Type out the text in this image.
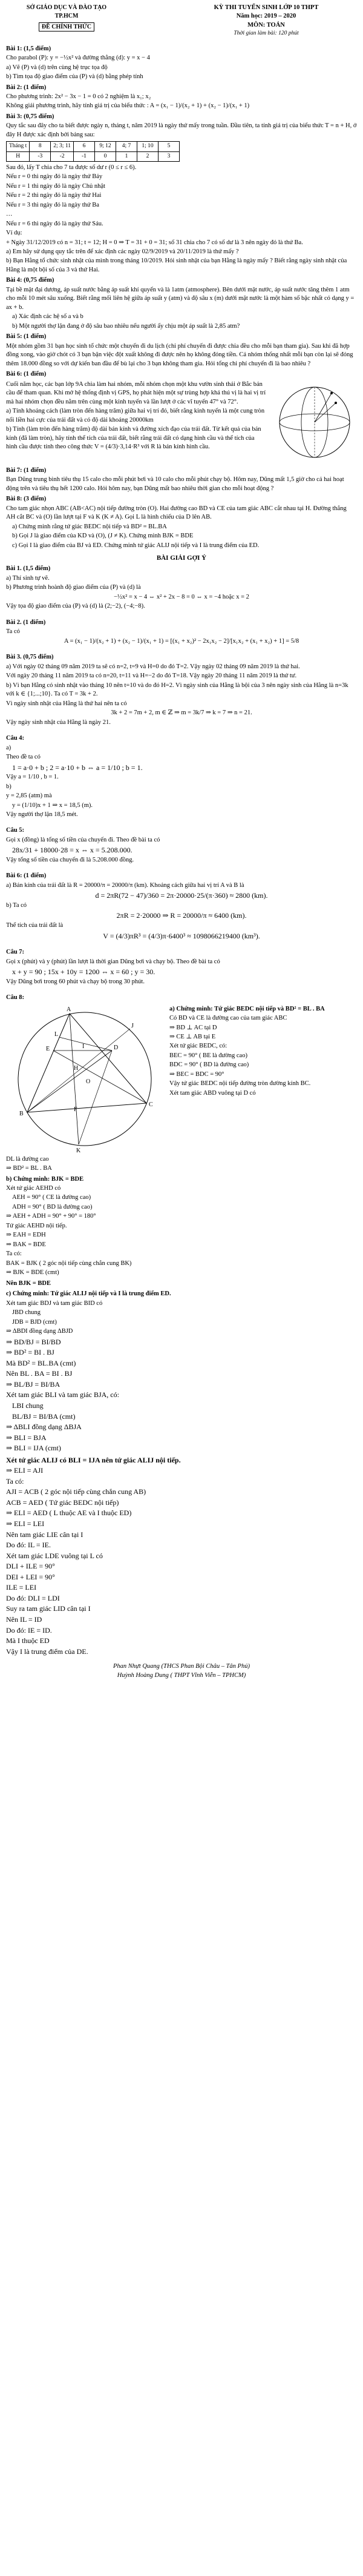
SỞ GIÁO DỤC VÀ ĐÀO TẠO
TP.HCM
ĐỀ CHÍNH THỨC
KỲ THI TUYỂN SINH LỚP 10 THPT
Năm học: 2019 – 2020
MÔN: TOÁN
Thời gian làm bài: 120 phút

Bài 1: (1,5 điểm)

Cho parabol (P): y = −½x² và đường thẳng (d): y = x − 4

a) Vẽ (P) và (d) trên cùng hệ trục tọa độ

b) Tìm tọa độ giao điểm của (P) và (d) bằng phép tính

Bài 2: (1 điểm)

Cho phương trình: 2x² − 3x − 1 = 0 có 2 nghiệm là x₁; x₂

Không giải phương trình, hãy tính giá trị của biểu thức : A = (x₁ − 1)/(x₂ + 1) + (x₂ − 1)/(x₁ + 1)

Bài 3: (0,75 điểm)

Quy tắc sau đây cho ta biết được ngày n, tháng t, năm 2019 là ngày thứ mấy trong tuần. Đầu tiên, ta tính giá trị của biểu thức T = n + H, ở đây H được xác định bởi bảng sau:

Tháng t	8	2; 3; 11	6	9; 12	4; 7	1; 10	5
H	-3	-2	-1	0	1	2	3

Sau đó, lấy T chia cho 7 ta được số dư r (0 ≤ r ≤ 6).

Nếu r = 0 thì ngày đó là ngày thứ Bảy

Nếu r = 1 thì ngày đó là ngày Chủ nhật

Nếu r = 2 thì ngày đó là ngày thứ Hai

Nếu r = 3 thì ngày đó là ngày thứ Ba

…

Nếu r = 6 thì ngày đó là ngày thứ Sáu.

Ví dụ:

+ Ngày 31/12/2019 có n = 31; t = 12; H = 0 ⇒ T = 31 + 0 = 31; số 31 chia cho 7 có số dư là 3 nên ngày đó là thứ Ba.

a) Em hãy sử dụng quy tắc trên để xác định các ngày 02/9/2019 và 20/11/2019 là thứ mấy ?

b) Bạn Hằng tổ chức sinh nhật của mình trong tháng 10/2019. Hỏi sinh nhật của bạn Hằng là ngày mấy ? Biết rằng ngày sinh nhật của Hằng là một bội số của 3 và thứ Hai.

Bài 4: (0,75 điểm)

Tại bề mặt đại dương, áp suất nước bằng áp suất khí quyển và là 1atm (atmosphere). Bên dưới mặt nước, áp suất nước tăng thêm 1 atm cho mỗi 10 mét sâu xuống. Biết rằng mối liên hệ giữa áp suất y (atm) và độ sâu x (m) dưới mặt nước là một hàm số bậc nhất có dạng y = ax + b.

a) Xác định các hệ số a và b

b) Một người thợ lặn đang ở độ sâu bao nhiêu nếu người ấy chịu một áp suất là 2,85 atm?

Bài 5: (1 điểm)

Một nhóm gồm 31 bạn học sinh tổ chức một chuyến đi du lịch (chi phí chuyến đi được chia đều cho mỗi bạn tham gia). Sau khi đã hợp đồng xong, vào giờ chót có 3 bạn bận việc đột xuất không đi được nên họ không đóng tiền. Cả nhóm thống nhất mỗi bạn còn lại sẽ đóng thêm 18.000 đồng so với dự kiến ban đầu để bù lại cho 3 bạn không tham gia. Hỏi tổng chi phí chuyến đi là bao nhiêu ?

Bài 6: (1 điểm)

Cuối năm học, các bạn lớp 9A chia làm hai nhóm, mỗi nhóm chọn một khu vườn sinh thái ở Bắc bán cầu để tham quan. Khi mở hệ thống định vị GPS, họ phát hiện một sự trùng hợp khá thú vị là hai vị trí mà hai nhóm chọn đều nằm trên cùng một kinh tuyến và lần lượt ở các vĩ tuyến 47° và 72°.

a) Tính khoảng cách (làm tròn đến hàng trăm) giữa hai vị trí đó, biết rằng kinh tuyến là một cung tròn nối liền hai cực của trái đất và có độ dài khoảng 20000km

b) Tính (làm tròn đến hàng trăm) độ dài bán kính và đường xích đạo của trái đất. Từ kết quả của bán kính (đã làm tròn), hãy tính thể tích của trái đất, biết rằng trái đất có dạng hình cầu và thể tích của hình cầu được tính theo công thức V = (4/3)·3,14·R³ với R là bán kính hình cầu.

Bài 7: (1 điểm)

Bạn Dũng trung bình tiêu thụ 15 calo cho mỗi phút bơi và 10 calo cho mỗi phút chạy bộ. Hôm nay, Dũng mất 1,5 giờ cho cả hai hoạt động trên và tiêu thụ hết 1200 calo. Hỏi hôm nay, bạn Dũng mất bao nhiêu thời gian cho mỗi hoạt động ?

Bài 8: (3 điểm)

Cho tam giác nhọn ABC (AB<AC) nội tiếp đường tròn (O). Hai đường cao BD và CE của tam giác ABC cắt nhau tại H. Đường thẳng AH cắt BC và (O) lần lượt tại F và K (K ≠ A). Gọi L là hình chiếu của D lên AB.

a) Chứng minh rằng tứ giác BEDC nội tiếp và BD² = BL.BA

b) Gọi J là giao điểm của KD và (O), (J ≠ K). Chứng minh BJK = BDE

c) Gọi I là giao điểm của BJ và ED. Chứng minh tứ giác ALIJ nội tiếp và I là trung điểm của ED.

BÀI GIẢI GỢI Ý

Bài 1. (1,5 điểm)

a) Thí sinh tự vẽ.

b) Phương trình hoành độ giao điểm của (P) và (d) là

−½x² = x − 4 ⇔ x² + 2x − 8 = 0 ⇔ x = −4 hoặc x = 2

Vậy tọa độ giao điểm của (P) và (d) là (2;−2), (−4;−8).

Bài 2. (1 điểm)

Ta có

A = (x₁ − 1)/(x₂ + 1) + (x₂ − 1)/(x₁ + 1) = [(x₁ + x₂)² − 2x₁x₂ − 2]/[x₁x₂ + (x₁ + x₂) + 1] = 5/8

Bài 3. (0,75 điểm)

a) Với ngày 02 tháng 09 năm 2019 ta sẽ có n=2, t=9 và H=0 do đó T=2. Vậy ngày 02 tháng 09 năm 2019 là thứ hai.

Với ngày 20 tháng 11 năm 2019 ta có n=20, t=11 và H=−2 do đó T=18. Vậy ngày 20 tháng 11 năm 2019 là thứ tư.

b) Vì bạn Hằng có sinh nhật vào tháng 10 nên t=10 và do đó H=2. Vì ngày sinh của Hằng là bội của 3 nên ngày sinh của Hằng là n=3k với k ∈ {1;...;10}. Ta có T = 3k + 2.

Vì ngày sinh nhật của Hằng là thứ hai nên ta có

3k + 2 = 7m + 2, m ∈ ℤ ⇒ m = 3k/7 ⇒ k = 7 ⇒ n = 21.

Vậy ngày sinh nhật của Hằng là ngày 21.

Câu 4:

a)

Theo đề ta có

1 = a·0 + b ; 2 = a·10 + b ⇔ a = 1/10 ; b = 1.

Vậy a = 1/10 , b = 1.

b)

y = 2,85 (atm) mà

y = (1/10)x + 1 ⇒ x = 18,5 (m).

Vậy người thợ lặn 18,5 mét.

Câu 5:

Gọi x (đồng) là tổng số tiền của chuyến đi. Theo đề bài ta có

28x/31 + 18000·28 = x ⇔ x = 5.208.000.

Vậy tổng số tiền của chuyến đi là 5.208.000 đồng.

Bài 6: (1 điểm)

a) Bán kính của trái đất là R = 20000/π = 20000/π (km). Khoảng cách giữa hai vị trí A và B là

d = 2πR(72 − 47)/360 = 2π·20000·25/(π·360) ≈ 2800 (km).

b) Ta có

2πR = 2·20000 ⇒ R = 20000/π ≈ 6400 (km).

Thể tích của trái đất là

V = (4/3)πR³ = (4/3)π·6400³ ≈ 1098066219400 (km³).

Câu 7:

Gọi x (phút) và y (phút) lần lượt là thời gian Dũng bơi và chạy bộ. Theo đề bài ta có

x + y = 90 ; 15x + 10y = 1200 ⇔ x = 60 ; y = 30.

Vậy Dũng bơi trong 60 phút và chạy bộ trong 30 phút.

Câu 8:

A
B
C
D
E
H
F
K
L
J
I
O

a) Chứng minh: Tứ giác BEDC nội tiếp và BD² = BL . BA

Có BD và CE là đường cao của tam giác ABC

⇒ BD ⊥ AC tại D

⇒ CE ⊥ AB tại E

Xét tứ giác BEDC, có:

BEC = 90° ( BE là đường cao)

BDC = 90° ( BD là đường cao)

⇒ BEC = BDC = 90°

Vậy tứ giác BEDC nội tiếp đường tròn đường kính BC.

Xét tam giác ABD vuông tại D có

DL là đường cao

⇒ BD² = BL . BA

b) Chứng minh: BJK = BDE

Xét tứ giác AEHD có

AEH = 90° ( CE là đường cao)

ADH = 90° ( BD là đường cao)

⇒ AEH + ADH = 90° + 90° = 180°

Tứ giác AEHD nội tiếp.

⇒ EAH = EDH

⇒ BAK = BDE

Ta có:

BAK = BJK ( 2 góc nội tiếp cùng chắn cung BK)

⇒ BJK = BDE (cmt)

Nên BJK = BDE

c) Chứng minh: Tứ giác ALIJ nội tiếp và I là trung điểm ED.

Xét tam giác BDJ và tam giác BID có

JBD chung

JDB = BJD (cmt)

⇒ ΔBDI đồng dạng ΔBJD

⇒ BD/BJ = BI/BD

⇒ BD² = BI . BJ

Mà BD² = BL.BA (cmt)

Nên BL . BA = BI . BJ

⇒ BL/BJ = BI/BA

Xét tam giác BLI và tam giác BJA, có:

LBI chung

BL/BJ = BI/BA (cmt)

⇒ ΔBLI đồng dạng ΔBJA

⇒ BLI = BJA

⇒ BLI = IJA (cmt)

Xét tứ giác ALIJ có BLI = IJA nên tứ giác ALIJ nội tiếp.

⇒ ELI = AJI

Ta có:

AJI = ACB ( 2 góc nội tiếp cùng chắn cung AB)

ACB = AED ( Tứ giác BEDC nội tiếp)

⇒ ELI = AED ( L thuộc AE và I thuộc ED)

⇒ ELI = LEI

Nên tam giác LIE cân tại I

Do đó: IL = IE.

Xét tam giác LDE vuông tại L có

DLI + ILE = 90°

DEI + LEI = 90°

ILE = LEI

Do đó: DLI = LDI

Suy ra tam giác LID cân tại I

Nên IL = ID

Do đó: IE = ID.

Mà I thuộc ED

Vậy I là trung điểm của DE.

Phan Nhựt Quang (THCS Phan Bội Châu – Tân Phú)
Huỳnh Hoàng Dung ( THPT Vĩnh Viễn – TPHCM)
